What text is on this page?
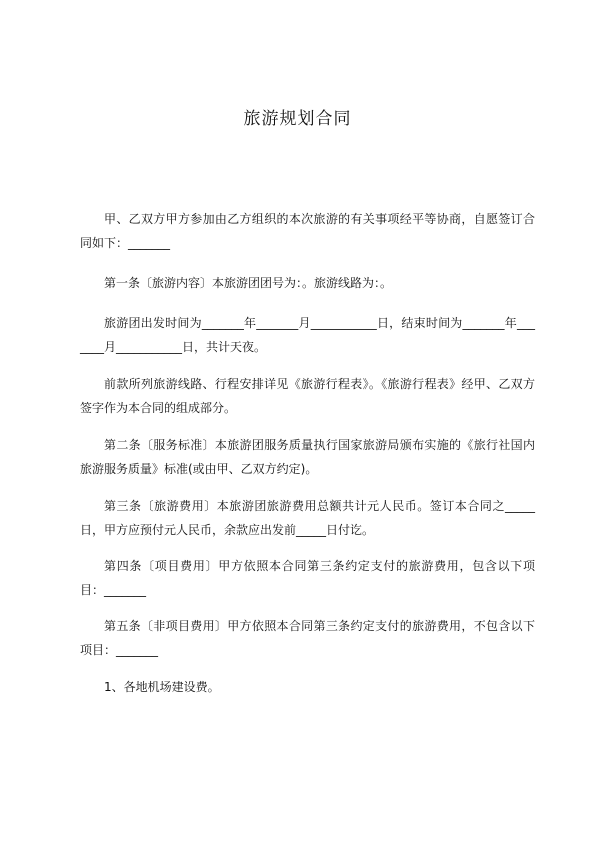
旅游规划合同

甲、乙双方甲方参加由乙方组织的本次旅游的有关事项经平等协商，自愿签订合同如下：_______

第一条〔旅游内容〕本旅游团团号为：。旅游线路为：。

旅游团出发时间为_______年_______月___________日，结束时间为_______年_______月___________日，共计天夜。

前款所列旅游线路、行程安排详见《旅游行程表》。《旅游行程表》经甲、乙双方签字作为本合同的组成部分。

第二条〔服务标准〕本旅游团服务质量执行国家旅游局颁布实施的《旅行社国内旅游服务质量》标准(或由甲、乙双方约定)。

第三条〔旅游费用〕本旅游团旅游费用总额共计元人民币。签订本合同之_____日，甲方应预付元人民币，余款应出发前_____日付讫。

第四条〔项目费用〕甲方依照本合同第三条约定支付的旅游费用，包含以下项目：_______

第五条〔非项目费用〕甲方依照本合同第三条约定支付的旅游费用，不包含以下项目：_______

1、各地机场建设费。
